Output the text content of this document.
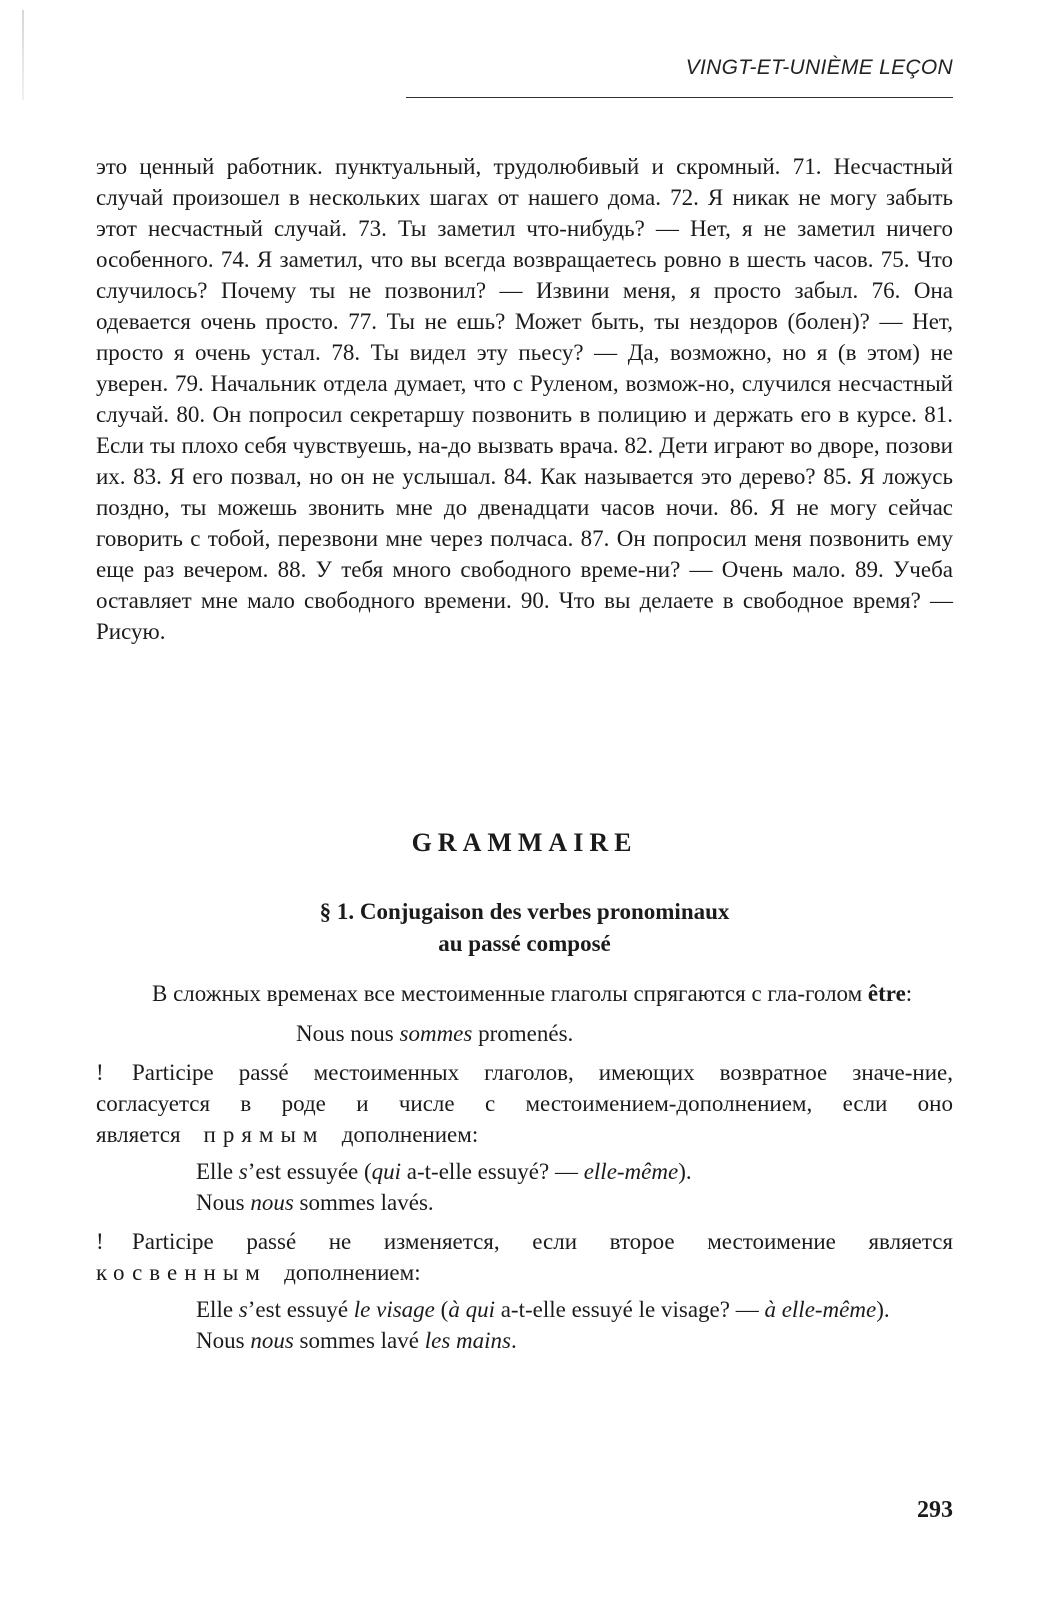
VINGT-ET-UNIÈME LEÇON

это ценный работник. пунктуальный, трудолюбивый и скромный. 71. Несчастный случай произошел в нескольких шагах от нашего дома. 72. Я никак не могу забыть этот несчастный случай. 73. Ты заметил что-нибудь? — Нет, я не заметил ничего особенного. 74. Я заметил, что вы всегда возвращаетесь ровно в шесть часов. 75. Что случилось? Почему ты не позвонил? — Извини меня, я просто забыл. 76. Она одевается очень просто. 77. Ты не ешь? Может быть, ты нездоров (болен)? — Нет, просто я очень устал. 78. Ты видел эту пьесу? — Да, возможно, но я (в этом) не уверен. 79. Начальник отдела думает, что с Руленом, возмож-но, случился несчастный случай. 80. Он попросил секретаршу позвонить в полицию и держать его в курсе. 81. Если ты плохо себя чувствуешь, на-до вызвать врача. 82. Дети играют во дворе, позови их. 83. Я его позвал, но он не услышал. 84. Как называется это дерево? 85. Я ложусь поздно, ты можешь звонить мне до двенадцати часов ночи. 86. Я не могу сейчас говорить с тобой, перезвони мне через полчаса. 87. Он попросил меня позвонить ему еще раз вечером. 88. У тебя много свободного време-ни? — Очень мало. 89. Учеба оставляет мне мало свободного времени. 90. Что вы делаете в свободное время? — Рисую.

GRAMMAIRE
§ 1. Conjugaison des verbes pronominaux
au passé composé

В сложных временах все местоименные глаголы спрягаются с гла-голом être:

Nous nous sommes promenés.

! Participe passé местоименных глаголов, имеющих возвратное значе-ние, согласуется в роде и числе с местоимением-дополнением, если оно является прямым дополнением:

Elle s’est essuyée (qui a-t-elle essuyé? — elle-même).

Nous nous sommes lavés.

! Participe passé не изменяется, если второе местоимение является косвенным дополнением:

Elle s’est essuyé le visage (à qui a-t-elle essuyé le visage? — à elle-même).

Nous nous sommes lavé les mains.

293
